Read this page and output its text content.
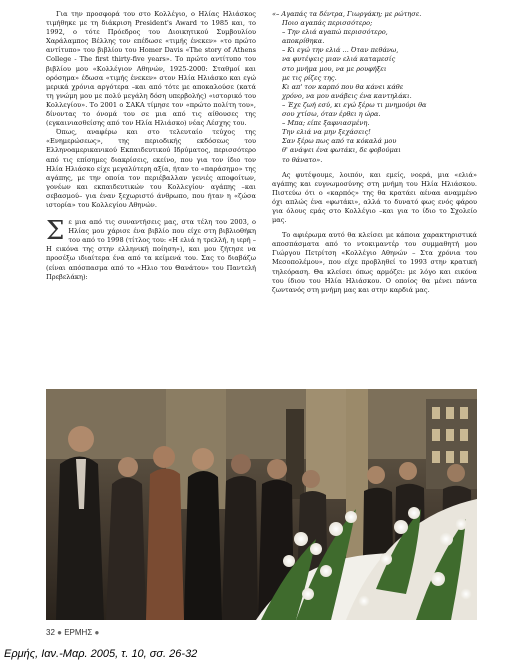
Για την προσφορά του στο Κολλέγιο, ο Ηλίας Ηλιάσκος τιμήθηκε με τη διάκριση President's Award το 1985 και, το 1992, ο τότε Πρόεδρος του Διοικητικού Συμβουλίου Χαράλαμπος Βέλλης τον επέδωσε «τιμής ένεκεν» «το πρώτο αντίτυπο» του βιβλίου του Homer Davis «The story of Athens College - The first thirty-five years». Το πρώτο αντίτυπο του βιβλίου μου «Κολλέγιον Αθηνών, 1925-2000: Σταθμοί και ορόσημα» έδωσα «τιμής ένεκεν» στον Ηλία Ηλιάσκο και εγώ μερικά χρόνια αργότερα –και από τότε με αποκαλούσε (κατά τη γνώμη μου με πολύ μεγάλη δόση υπερβολής) «ιστορικό του Κολλεγίου». Το 2001 ο ΣΑΚΑ τίμησε τον «πρώτο πολίτη του», δίνοντας το όνομά του σε μια από τις αίθουσες της (εγκαινιασθείσης από τον Ηλία Ηλιάσκο) νέας Λέσχης του.

Όπως, αναφέρω και στο τελευταίο τεύχος της «Ενημερώσεως», της περιοδικής εκδόσεως του Ελληνοαμερικανικού Εκπαιδευτικού Ιδρύματος, περισσότερο από τις επίσημες διακρίσεις, εκείνο, που για τον ίδιο τον Ηλία Ηλιάσκο είχε μεγαλύτερη αξία, ήταν το «παράσημο» της αγάπης, με την οποία τον περιέβαλλαν γενιές αποφοίτων, γονέων και εκπαιδευτικών του Κολλεγίου· αγάπης –και σεβασμού– για έναν ξεχωριστό άνθρωπο, που ήταν η «ζώσα ιστορία» του Κολλεγίου Αθηνών.

Σ ε μια από τις συναντήσεις μας, στα τέλη του 2003, ο Ηλίας μου χάρισε ένα βιβλίο που είχε στη βιβλιοθήκη του από το 1998 (τίτλος του: «Η ελιά η τρελλή, η ιερή – Η εικόνα της στην ελληνική ποίηση»), και μου ζήτησε να προσέξω ιδιαίτερα ένα από τα κείμενά του. Σας το διαβάζω (είναι απόσπασμα από το «Ηλιο του Θανάτου» του Παντελή Πρεβελάκη):
«– Αγαπάς τα δέντρα, Γιωργάκη; με ρώτησε.
Ποιο αγαπάς περισσότερο;
– Την ελιά αγαπώ περισσότερο,
αποκρίθηκα.
– Κι εγώ την ελιά ... Όταν πεθάνω,
να φυτέψεις μιαν ελιά καταμεσίς
στο μνήμα μου, να με ρουφήξει
με τις ρίζες της.
Κι απ' τον καρπό που θα κάνει κάθε
χρόνο, να μου ανάβεις ένα καντηλάκι.
– Έχε ζωή εσύ, κι εγώ ξέρω τι μνημούρι θα
σου χτίσω, όταν έρθει η ώρα.
– Μπα; είπε ξαφνιασμένη.
Την ελιά να μην ξεχάσεις!
Σαν ξέρω πως από τα κόκαλά μου
θ' ανάψει ένα φωτάκι, δε φοβούμαι
το θάνατο».

Ας φυτέψουμε, λοιπόν, και εμείς, νοερά, μια «ελιά» αγάπης και ευγνωμοσύνης στη μνήμη του Ηλία Ηλιάσκου. Πιστεύω ότι ο «καρπός» της θα κρατάει αέναα αναμμένο όχι απλώς ένα «φωτάκι», αλλά το δυνατό φως ενός φάρου για όλους εμάς στο Κολλέγιο –και για το ίδιο το Σχολείο μας.

Το αφιέρωμα αυτό θα κλείσει με κάποια χαρακτηριστικά αποσπάσματα από το ντοκιμαντέρ του συμμαθητή μου Γιώργου Πετρίτση «Κολλέγιο Αθηνών – Στα χρόνια του Μεσοπολέμου», που είχε προβληθεί το 1993 στην κρατική τηλεόραση. Θα κλείσει όπως αρμόζει: με λόγο και εικόνα του ίδιου του Ηλία Ηλιάσκου. Ο οποίος θα μένει πάντα ζωντανός στη μνήμη μας και στην καρδιά μας.

32 ● ΕΡΜΗΣ ●
Ερμής, Ιαν.-Μαρ. 2005, τ. 10, σσ. 26-32
